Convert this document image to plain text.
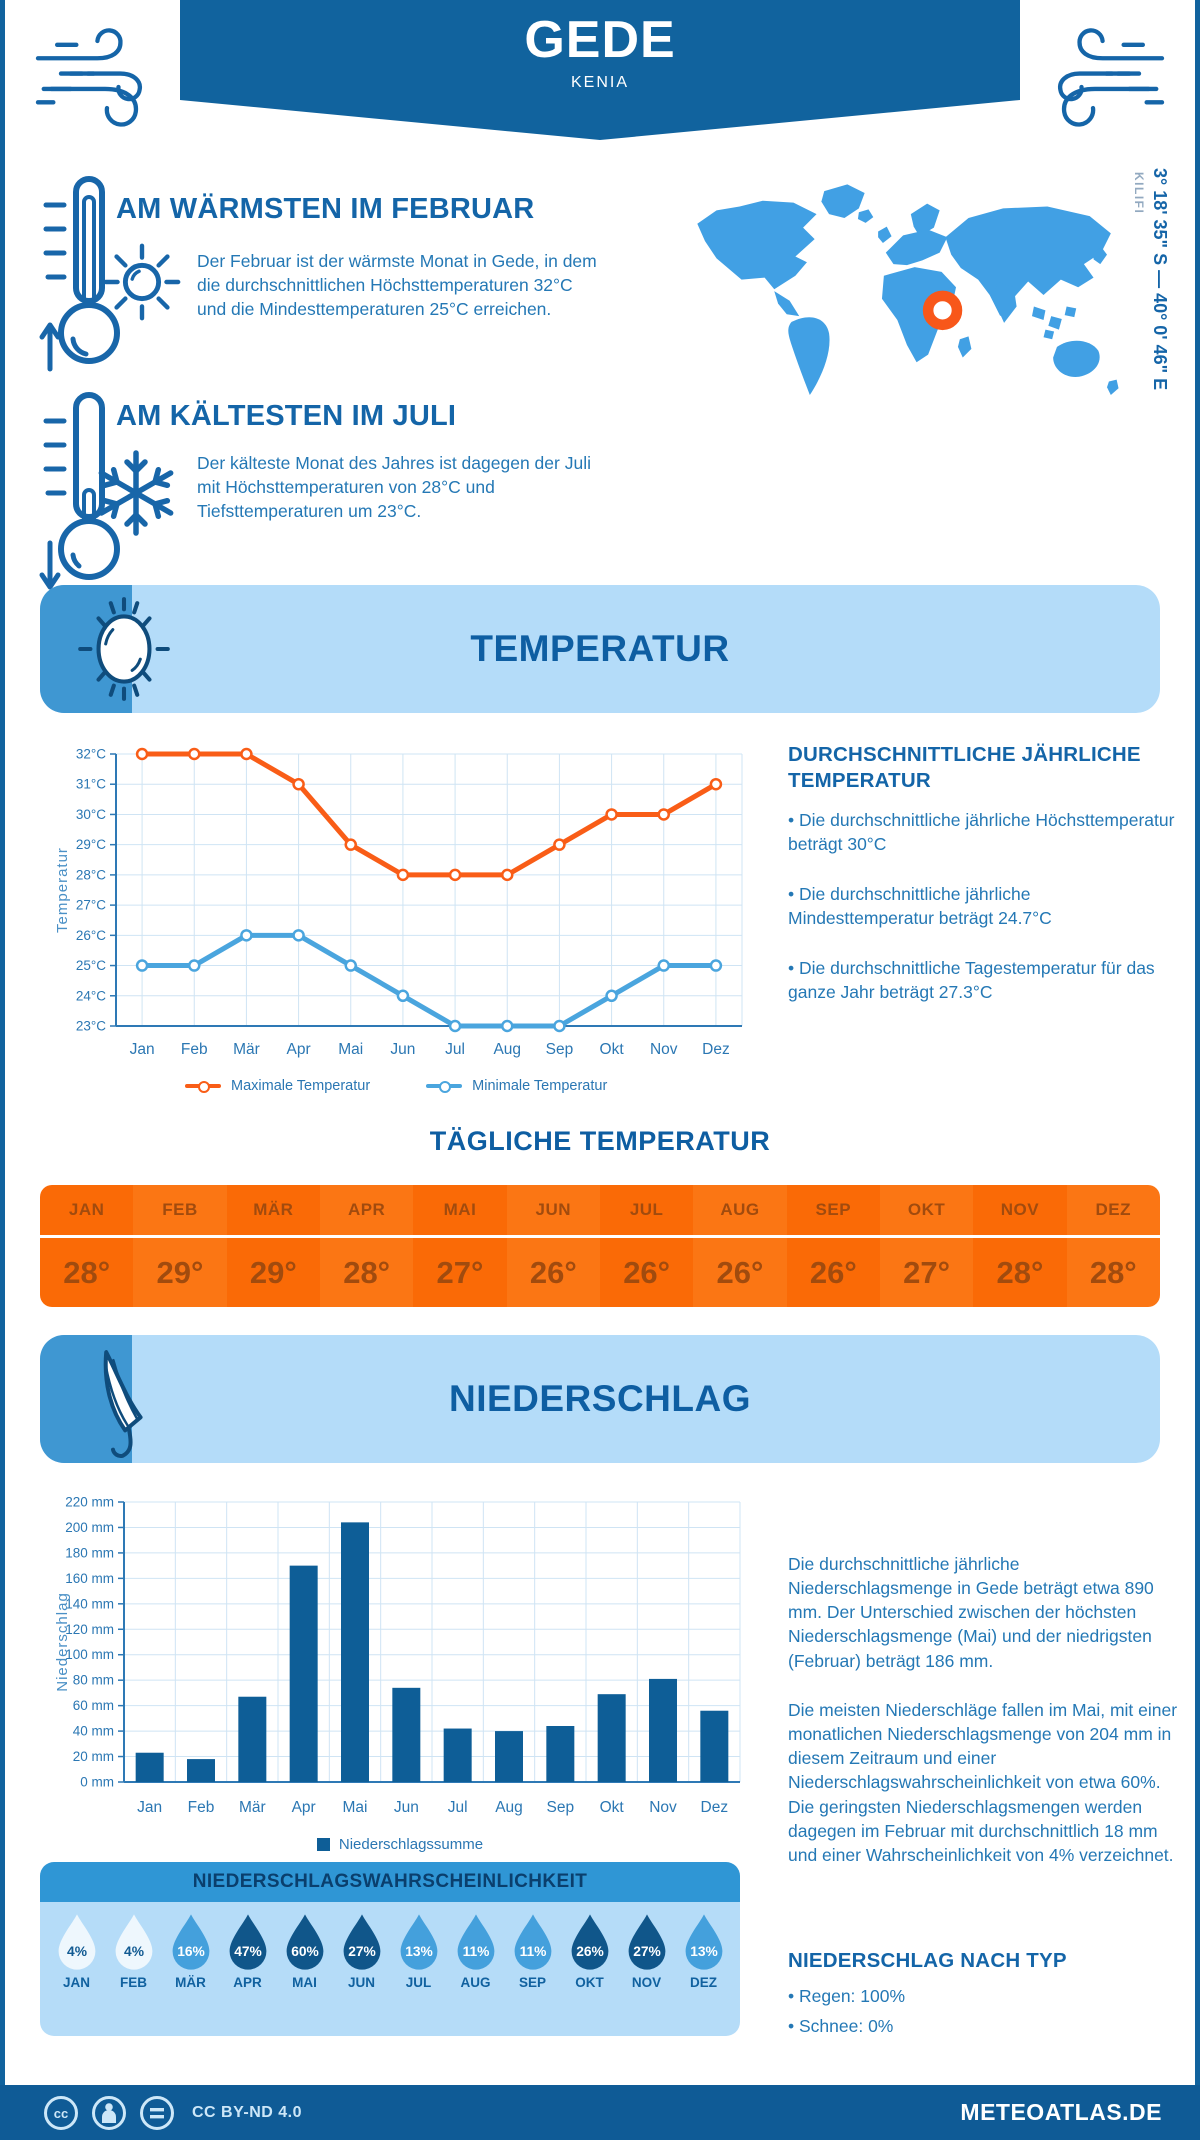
GEDE
KENIA
AM WÄRMSTEN IM FEBRUAR
Der Februar ist der wärmste Monat in Gede, in dem die durchschnittlichen Höchsttemperaturen 32°C und die Mindesttemperaturen 25°C erreichen.
AM KÄLTESTEN IM JULI
Der kälteste Monat des Jahres ist dagegen der Juli mit Höchsttemperaturen von 28°C und Tiefsttemperaturen um 23°C.
KILIFI 3° 18' 35" S — 40° 0' 46" E
TEMPERATUR
23°C
24°C
25°C
26°C
27°C
28°C
29°C
30°C
31°C
32°C
Jan Feb Mär Apr Mai Jun Jul Aug Sep Okt Nov Dez
Temperatur
Maximale Temperatur	Minimale Temperatur
DURCHSCHNITTLICHE JÄHRLICHE TEMPERATUR
• Die durchschnittliche jährliche Höchsttemperatur beträgt 30°C
• Die durchschnittliche jährliche Mindesttemperatur beträgt 24.7°C
• Die durchschnittliche Tagestemperatur für das ganze Jahr beträgt 27.3°C
TÄGLICHE TEMPERATUR
JAN
28°
FEB
29°
MÄR
29°
APR
28°
MAI
27°
JUN
26°
JUL
26°
AUG
26°
SEP
26°
OKT
27°
NOV
28°
DEZ
28°
NIEDERSCHLAG
0 mm
20 mm
40 mm
60 mm
80 mm
100 mm
120 mm
140 mm
160 mm
180 mm
200 mm
220 mm
Jan Feb Mär Apr Mai Jun Jul Aug Sep Okt Nov Dez
Niederschlag
Niederschlagssumme
Die durchschnittliche jährliche Niederschlagsmenge in Gede beträgt etwa 890 mm. Der Unterschied zwischen der höchsten Niederschlagsmenge (Mai) und der niedrigsten (Februar) beträgt 186 mm.
Die meisten Niederschläge fallen im Mai, mit einer monatlichen Niederschlagsmenge von 204 mm in diesem Zeitraum und einer Niederschlagswahrscheinlichkeit von etwa 60%. Die geringsten Niederschlagsmengen werden dagegen im Februar mit durchschnittlich 18 mm und einer Wahrscheinlichkeit von 4% verzeichnet.
NIEDERSCHLAG NACH TYP
• Regen: 100%
• Schnee: 0%
NIEDERSCHLAGSWAHRSCHEINLICHKEIT
4%
JAN
4%
FEB
16%
MÄR
47%
APR
60%
MAI
27%
JUN
13%
JUL
11%
AUG
11%
SEP
26%
OKT
27%
NOV
13%
DEZ
cc	CC BY-ND 4.0	METEOATLAS.DE
